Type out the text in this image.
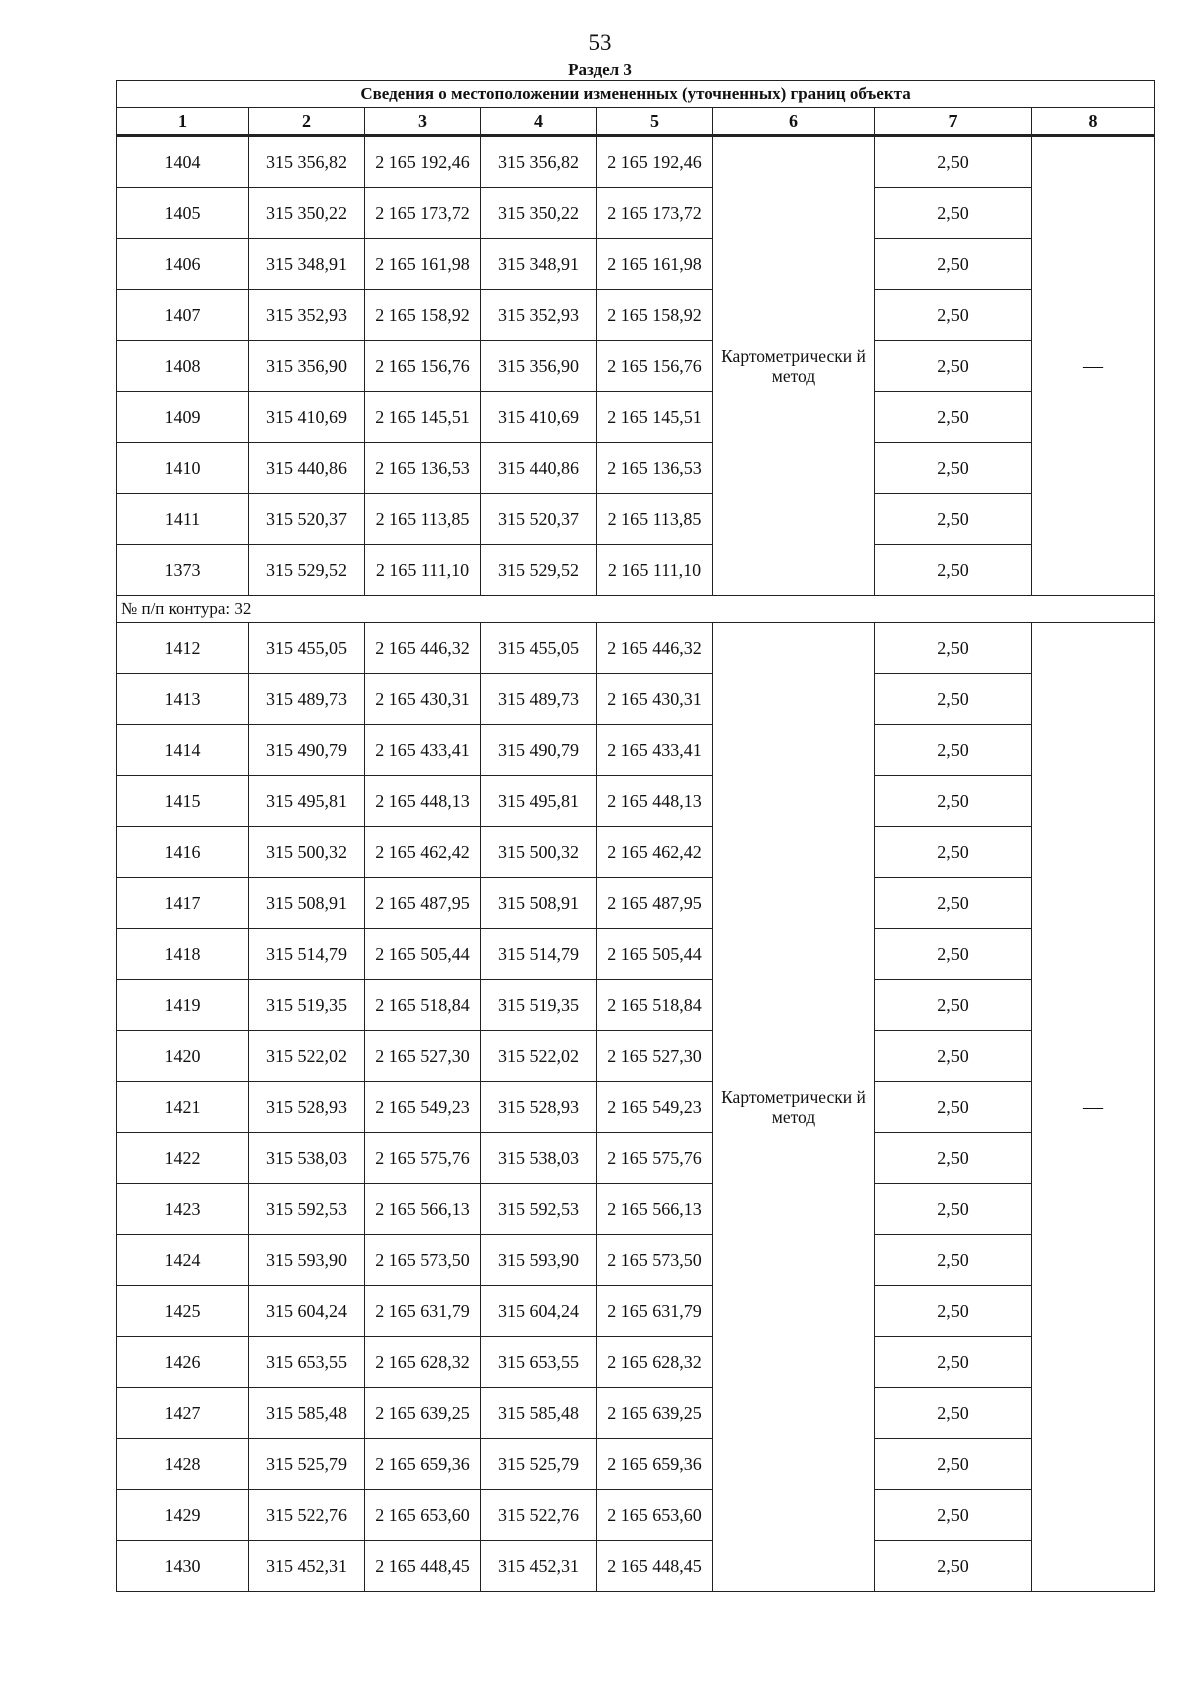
53
Раздел 3
Сведения о местоположении измененных (уточненных) границ объекта							
1	2	3	4	5	6	7	8
1404	315 356,82	2 165 192,46	315 356,82	2 165 192,46	Картометрически й метод	2,50	—
1405	315 350,22	2 165 173,72	315 350,22	2 165 173,72		2,50	
1406	315 348,91	2 165 161,98	315 348,91	2 165 161,98		2,50	
1407	315 352,93	2 165 158,92	315 352,93	2 165 158,92		2,50	
1408	315 356,90	2 165 156,76	315 356,90	2 165 156,76		2,50	
1409	315 410,69	2 165 145,51	315 410,69	2 165 145,51		2,50	
1410	315 440,86	2 165 136,53	315 440,86	2 165 136,53		2,50	
1411	315 520,37	2 165 113,85	315 520,37	2 165 113,85		2,50	
1373	315 529,52	2 165 111,10	315 529,52	2 165 111,10		2,50	
№ п/п контура: 32							
1412	315 455,05	2 165 446,32	315 455,05	2 165 446,32	Картометрически й метод	2,50	—
1413	315 489,73	2 165 430,31	315 489,73	2 165 430,31		2,50	
1414	315 490,79	2 165 433,41	315 490,79	2 165 433,41		2,50	
1415	315 495,81	2 165 448,13	315 495,81	2 165 448,13		2,50	
1416	315 500,32	2 165 462,42	315 500,32	2 165 462,42		2,50	
1417	315 508,91	2 165 487,95	315 508,91	2 165 487,95		2,50	
1418	315 514,79	2 165 505,44	315 514,79	2 165 505,44		2,50	
1419	315 519,35	2 165 518,84	315 519,35	2 165 518,84		2,50	
1420	315 522,02	2 165 527,30	315 522,02	2 165 527,30		2,50	
1421	315 528,93	2 165 549,23	315 528,93	2 165 549,23		2,50	
1422	315 538,03	2 165 575,76	315 538,03	2 165 575,76		2,50	
1423	315 592,53	2 165 566,13	315 592,53	2 165 566,13		2,50	
1424	315 593,90	2 165 573,50	315 593,90	2 165 573,50		2,50	
1425	315 604,24	2 165 631,79	315 604,24	2 165 631,79		2,50	
1426	315 653,55	2 165 628,32	315 653,55	2 165 628,32		2,50	
1427	315 585,48	2 165 639,25	315 585,48	2 165 639,25		2,50	
1428	315 525,79	2 165 659,36	315 525,79	2 165 659,36		2,50	
1429	315 522,76	2 165 653,60	315 522,76	2 165 653,60		2,50	
1430	315 452,31	2 165 448,45	315 452,31	2 165 448,45		2,50	
